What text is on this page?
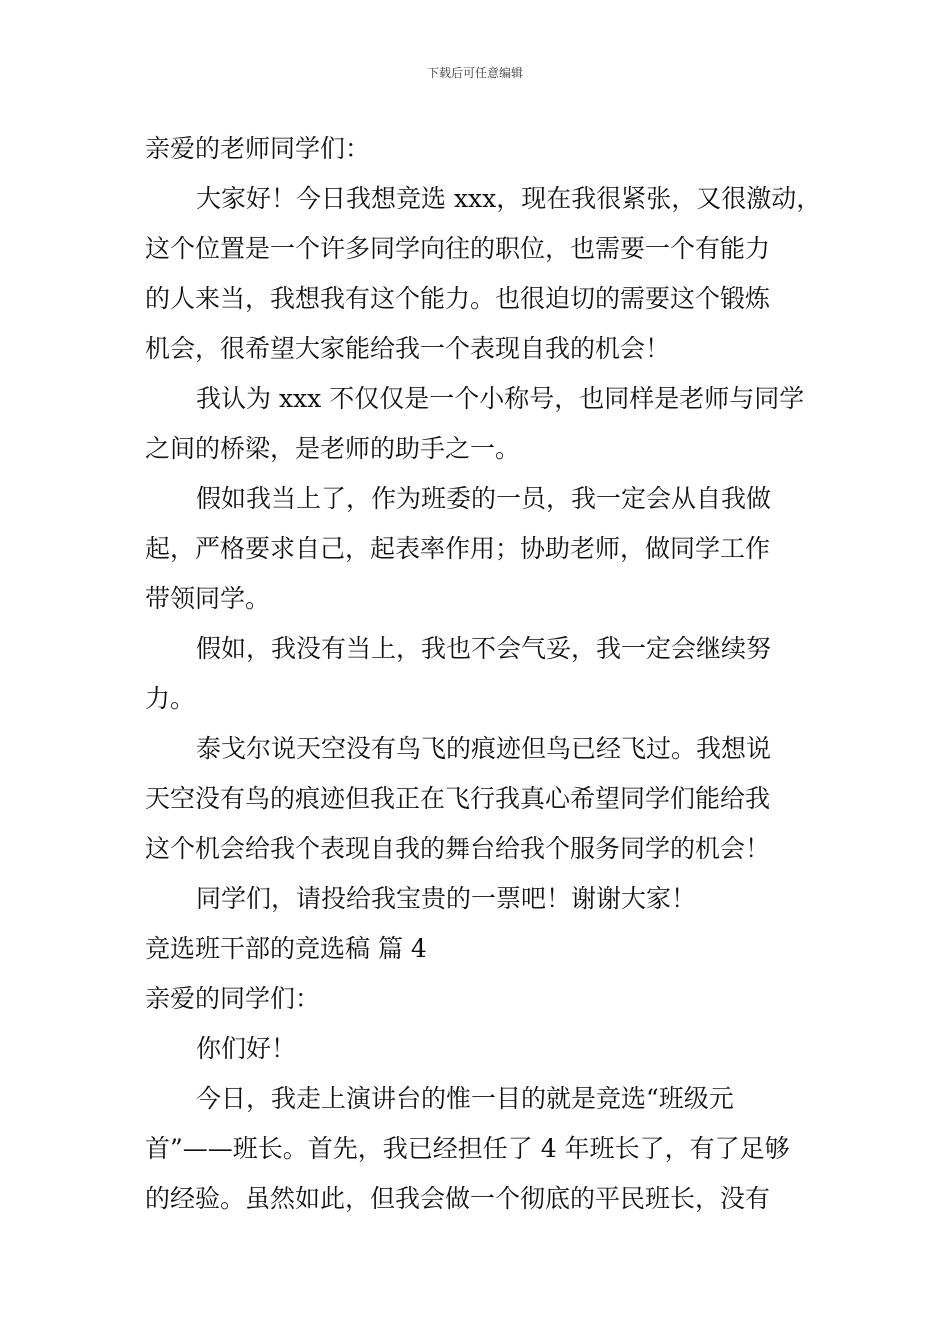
下载后可任意编辑
亲爱的老师同学们：
大家好！今日我想竞选 xxx，现在我很紧张，又很激动，
这个位置是一个许多同学向往的职位，也需要一个有能力
的人来当，我想我有这个能力。也很迫切的需要这个锻炼
机会，很希望大家能给我一个表现自我的机会！
我认为 xxx 不仅仅是一个小称号，也同样是老师与同学
之间的桥梁，是老师的助手之一。
假如我当上了，作为班委的一员，我一定会从自我做
起，严格要求自己，起表率作用；协助老师，做同学工作
带领同学。
假如，我没有当上，我也不会气妥，我一定会继续努
力。
泰戈尔说天空没有鸟飞的痕迹但鸟已经飞过。我想说
天空没有鸟的痕迹但我正在飞行我真心希望同学们能给我
这个机会给我个表现自我的舞台给我个服务同学的机会！
同学们，请投给我宝贵的一票吧！谢谢大家！
竞选班干部的竞选稿 篇 4
亲爱的同学们：
你们好！
今日，我走上演讲台的惟一目的就是竞选“班级元
首”——班长。首先，我已经担任了 4 年班长了，有了足够
的经验。虽然如此，但我会做一个彻底的平民班长，没有
